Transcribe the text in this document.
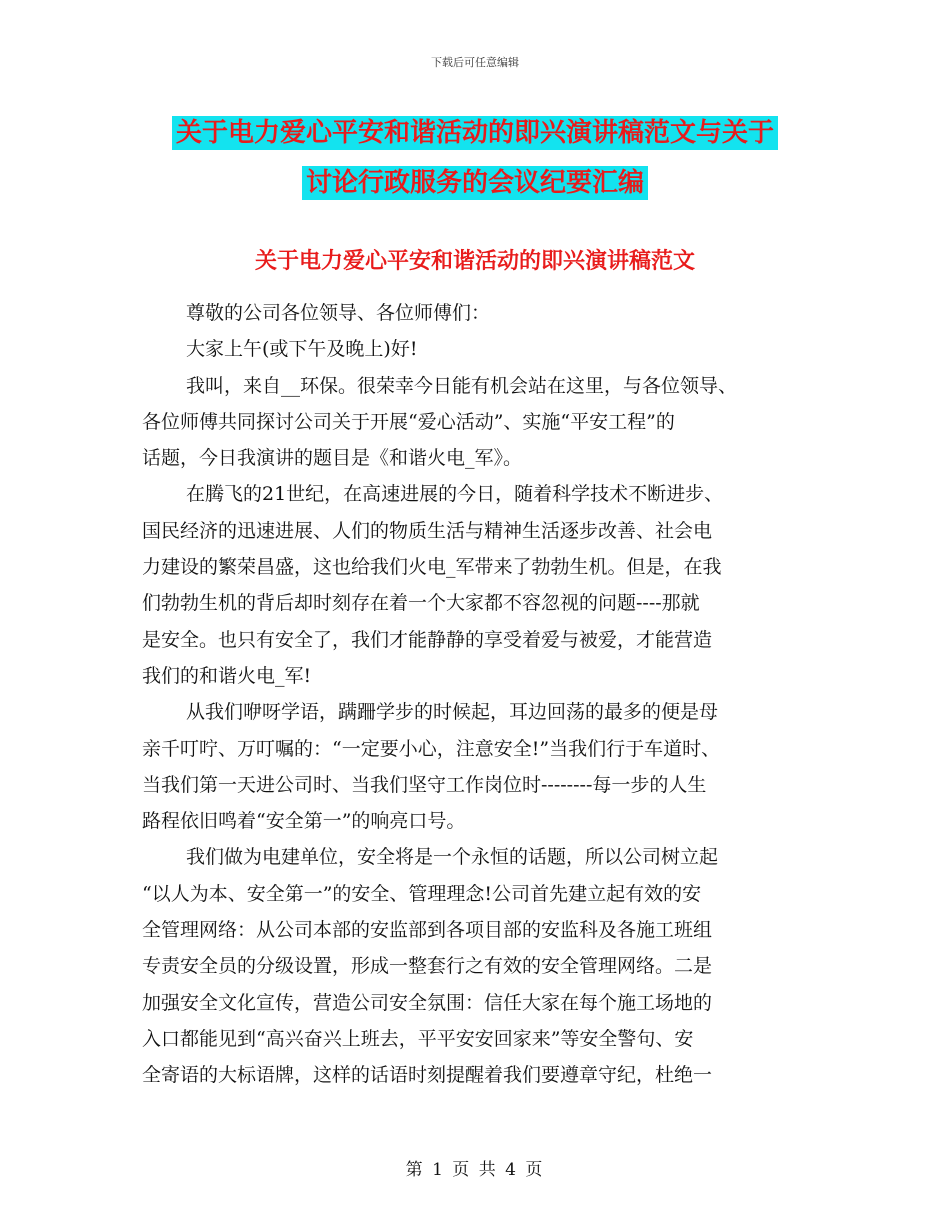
下载后可任意编辑
关于电力爱心平安和谐活动的即兴演讲稿范文与关于
讨论行政服务的会议纪要汇编
关于电力爱心平安和谐活动的即兴演讲稿范文
尊敬的公司各位领导、各位师傅们：
大家上午(或下午及晚上)好!
我叫，来自__环保。很荣幸今日能有机会站在这里，与各位领导、
各位师傅共同探讨公司关于开展“爱心活动”、实施“平安工程”的
话题，今日我演讲的题目是《和谐火电_军》。
在腾飞的21世纪，在高速进展的今日，随着科学技术不断进步、
国民经济的迅速进展、人们的物质生活与精神生活逐步改善、社会电
力建设的繁荣昌盛，这也给我们火电_军带来了勃勃生机。但是，在我
们勃勃生机的背后却时刻存在着一个大家都不容忽视的问题----那就
是安全。也只有安全了，我们才能静静的享受着爱与被爱，才能营造
我们的和谐火电_军!
从我们咿呀学语，蹒跚学步的时候起，耳边回荡的最多的便是母
亲千叮咛、万叮嘱的：“一定要小心，注意安全!”当我们行于车道时、
当我们第一天进公司时、当我们坚守工作岗位时--------每一步的人生
路程依旧鸣着“安全第一”的响亮口号。
我们做为电建单位，安全将是一个永恒的话题，所以公司树立起
“以人为本、安全第一”的安全、管理理念!公司首先建立起有效的安
全管理网络：从公司本部的安监部到各项目部的安监科及各施工班组
专责安全员的分级设置，形成一整套行之有效的安全管理网络。二是
加强安全文化宣传，营造公司安全氛围：信任大家在每个施工场地的
入口都能见到“高兴奋兴上班去，平平安安回家来”等安全警句、安
全寄语的大标语牌，这样的话语时刻提醒着我们要遵章守纪，杜绝一
第 1 页 共 4 页
